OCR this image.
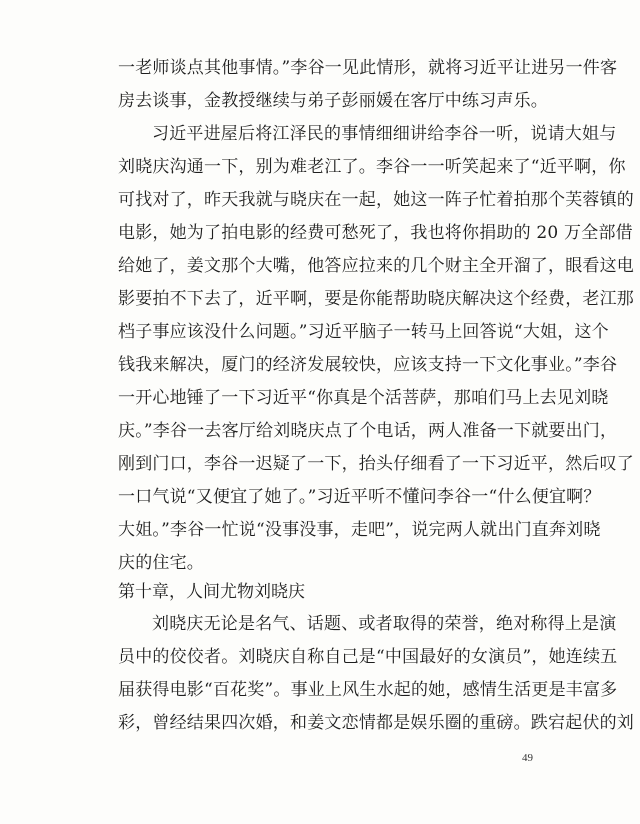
一老师谈点其他事情。”李谷一见此情形，就将习近平让进另一件客
房去谈事，金教授继续与弟子彭丽媛在客厅中练习声乐。
习近平进屋后将江泽民的事情细细讲给李谷一听，说请大姐与
刘晓庆沟通一下，别为难老江了。李谷一一听笑起来了“近平啊，你
可找对了，昨天我就与晓庆在一起，她这一阵子忙着拍那个芙蓉镇的
电影，她为了拍电影的经费可愁死了，我也将你捐助的 20 万全部借
给她了，姜文那个大嘴，他答应拉来的几个财主全开溜了，眼看这电
影要拍不下去了，近平啊，要是你能帮助晓庆解决这个经费，老江那
档子事应该没什么问题。”习近平脑子一转马上回答说“大姐，这个
钱我来解决，厦门的经济发展较快，应该支持一下文化事业。”李谷
一开心地锤了一下习近平“你真是个活菩萨，那咱们马上去见刘晓
庆。”李谷一去客厅给刘晓庆点了个电话，两人准备一下就要出门，
刚到门口，李谷一迟疑了一下，抬头仔细看了一下习近平，然后叹了
一口气说“又便宜了她了。”习近平听不懂问李谷一“什么便宜啊？
大姐。”李谷一忙说“没事没事，走吧”，说完两人就出门直奔刘晓
庆的住宅。
第十章，人间尤物刘晓庆
刘晓庆无论是名气、话题、或者取得的荣誉，绝对称得上是演
员中的佼佼者。刘晓庆自称自己是“中国最好的女演员”，她连续五
届获得电影“百花奖”。事业上风生水起的她，感情生活更是丰富多
彩，曾经结果四次婚，和姜文恋情都是娱乐圈的重磅。跌宕起伏的刘
49
